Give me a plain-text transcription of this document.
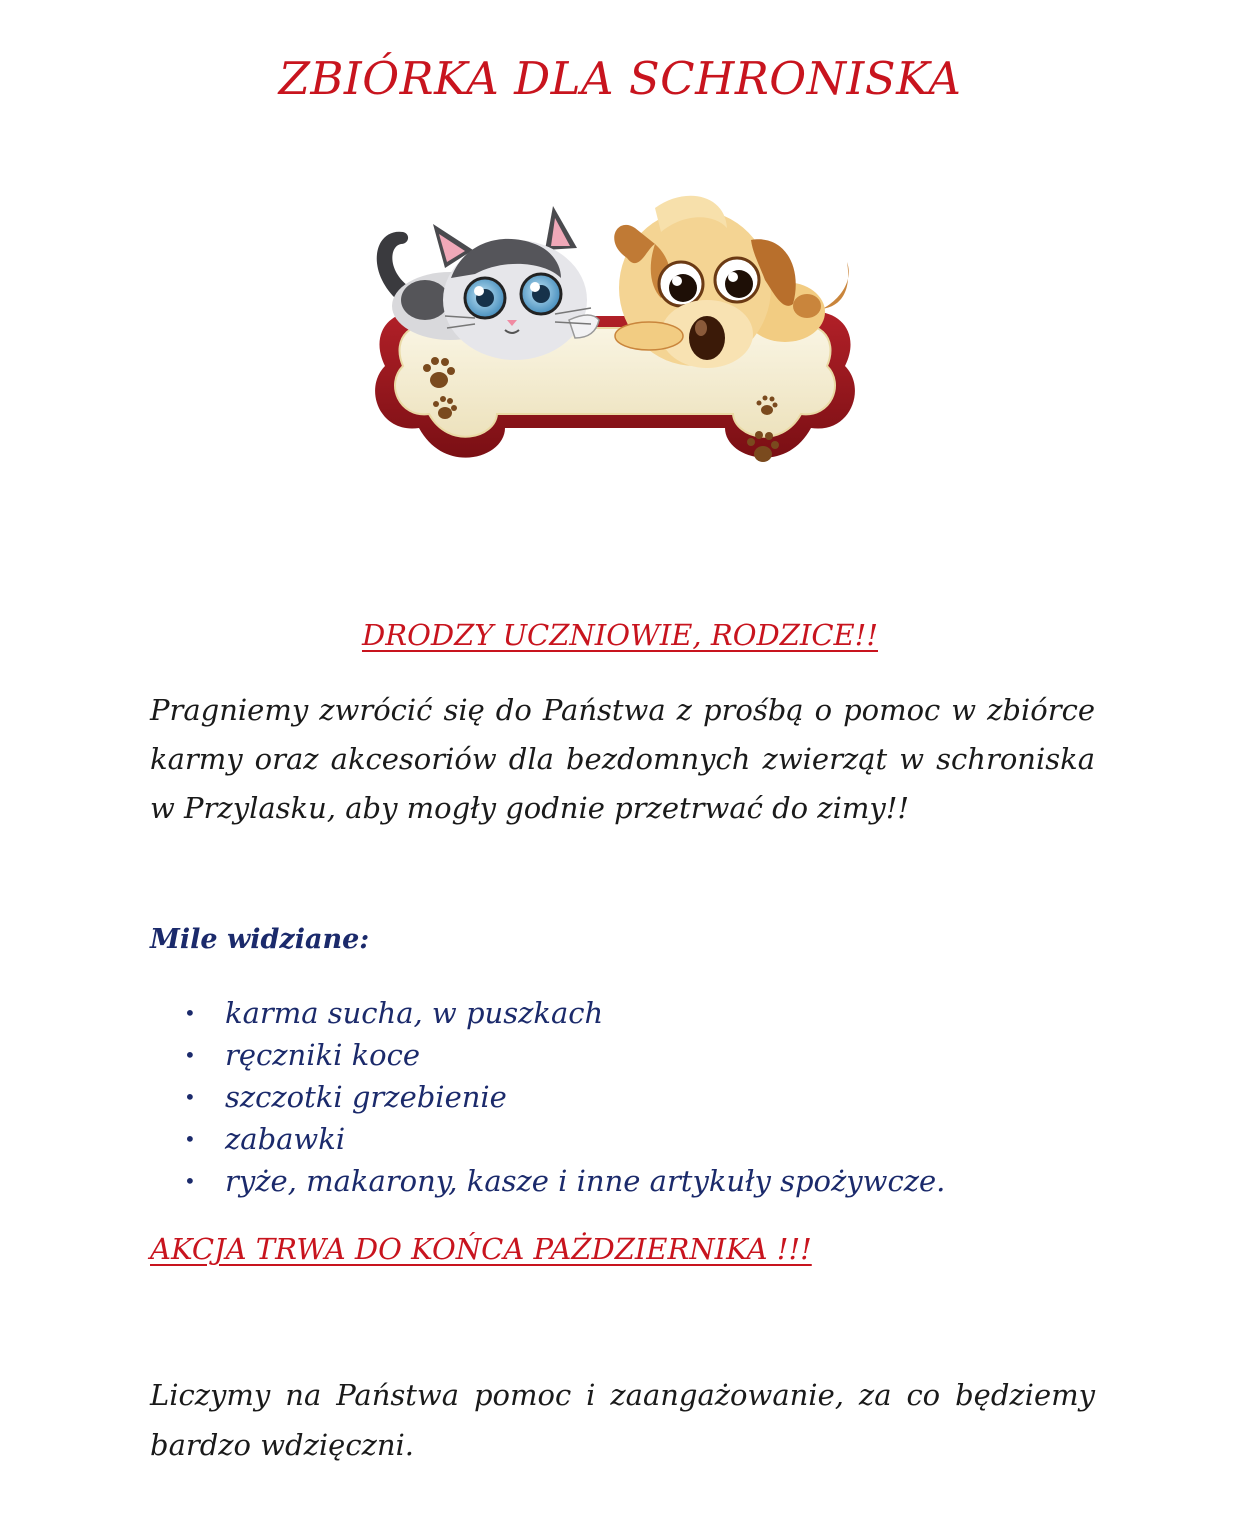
ZBIÓRKA DLA SCHRONISKA
DRODZY UCZNIOWIE, RODZICE!!
Pragniemy zwrócić się do Państwa z prośbą o pomoc w zbiórce karmy oraz akcesoriów dla bezdomnych zwierząt w schroniska w Przylasku, aby mogły godnie przetrwać do zimy!!
Mile widziane:
• karma sucha, w puszkach
• ręczniki koce
• szczotki grzebienie
• zabawki
• ryże, makarony, kasze i inne artykuły spożywcze.
AKCJA TRWA DO KOŃCA PAŻDZIERNIKA !!!
Liczymy na Państwa pomoc i zaangażowanie, za co będziemy bardzo wdzięczni.
